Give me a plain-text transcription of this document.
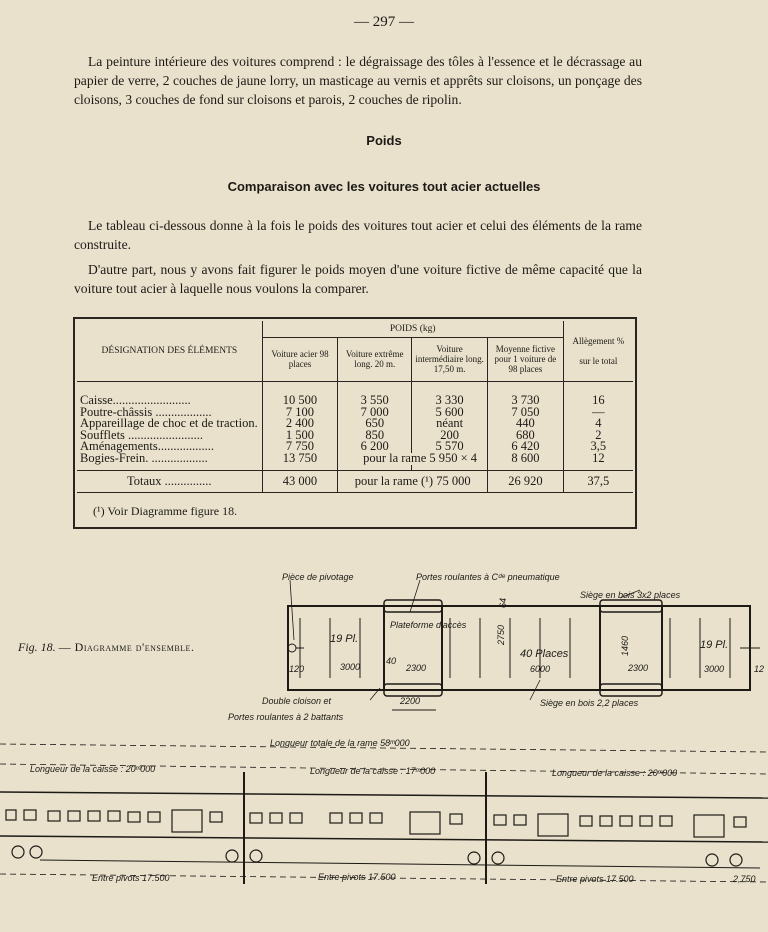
— 297 —
La peinture intérieure des voitures comprend : le dégraissage des tôles à l'essence et le décrassage au papier de verre, 2 couches de jaune lorry, un masticage au vernis et apprêts sur cloisons, un ponçage des cloisons, 3 couches de fond sur cloisons et parois, 2 couches de ripolin.
Poids
Comparaison avec les voitures tout acier actuelles
Le tableau ci-dessous donne à la fois le poids des voitures tout acier et celui des éléments de la rame construite.
D'autre part, nous y avons fait figurer le poids moyen d'une voiture fictive de même capacité que la voiture tout acier à laquelle nous voulons la comparer.
DÉSIGNATION DES ÉLÉMENTS	POIDS (kg)				Allègement %

sur le total
	Voiture acier 98 places	Voiture extrême long. 20 m.	Voiture intermédiaire long. 17,50 m.	Moyenne fictive pour 1 voiture de 98 places	

Caisse.........................	10 500	3 550	3 330	3 730	16
Poutre-châssis ..................	7 100	7 000	5 600	7 050	—
Appareillage de choc et de traction.	2 400	650	néant	440	4
Soufflets ........................	1 500	850	200	680	2
Aménagements..................	7 750	6 200	5 570	6 420	3,5
Bogies-Frein. ..................	13 750	pour la rame 5 950 × 4		8 600	12

Totaux ...............	43 000	pour la rame (¹) 75 000		26 920	37,5
(¹) Voir Diagramme figure 18.
Fig. 18. — Diagramme d'ensemble.
Pièce de pivotage	Portes roulantes à Cᵈᵉ pneumatique
Siège en bois 3x2 places
Plateforme d'accès
19 Pl.
40 Places
19 Pl.
2300	2300
3000	3000
6000
2750
1460
120	12
40
64
2200
Double cloison et
Portes roulantes à 2 battants
Siège en bois 2,2 places
Longueur totale de la rame 58ᵐ000
Longueur de la caisse : 20ᵐ000	Longueur de la caisse : 17ᵐ000	Longueur de la caisse : 20ᵐ000
Entre pivots 17.500	Entre pivots 17.500	Entre pivots 17.500	2,750
